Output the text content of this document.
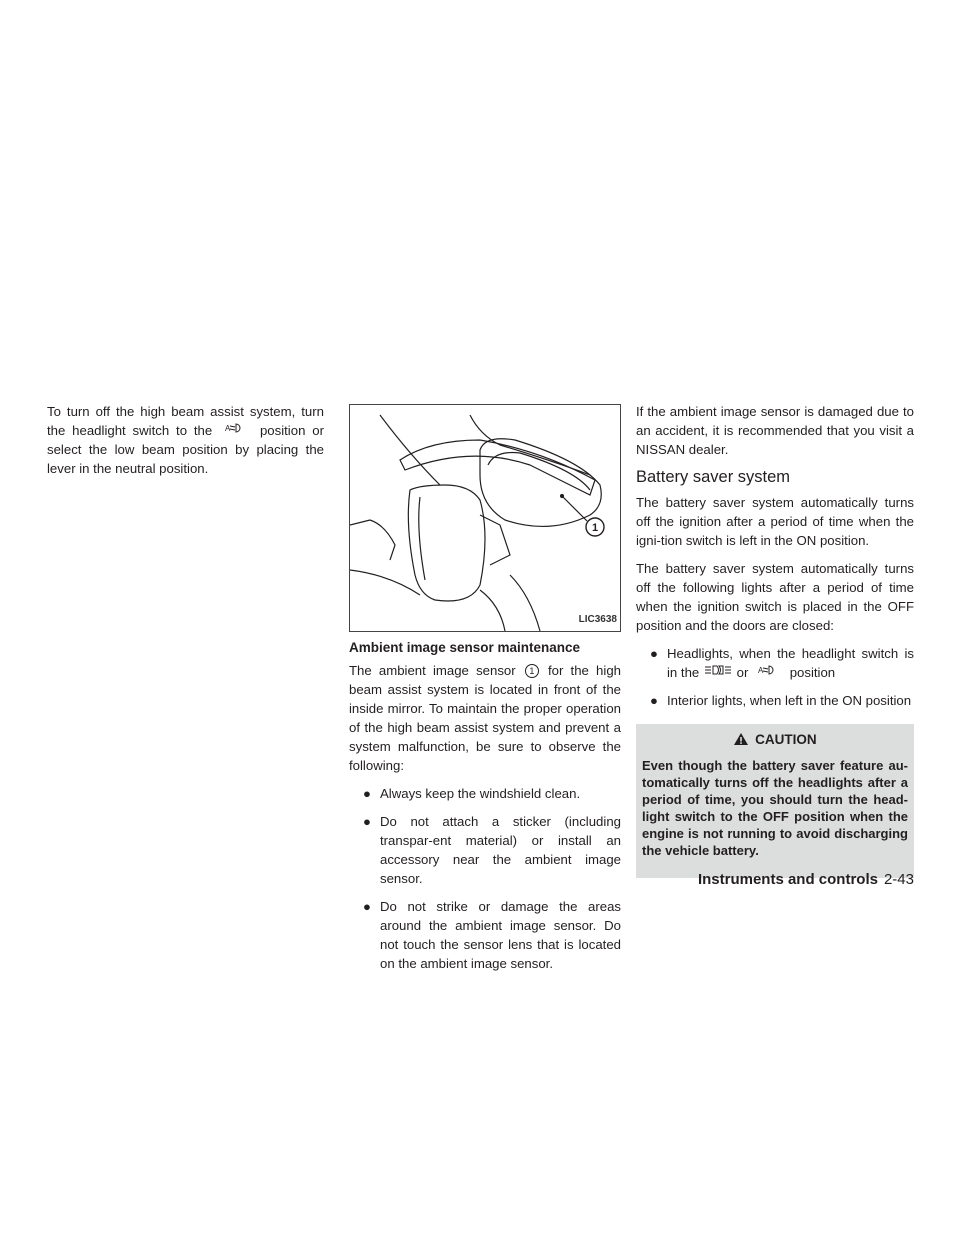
To turn off the high beam assist system, turn the headlight switch to the A position or select the low beam position by placing the lever in the neutral position.

1
LIC3638
Ambient image sensor maintenance

The ambient image sensor 1 for the high beam assist system is located in front of the inside mirror. To maintain the proper operation of the high beam assist system and prevent a system malfunction, be sure to observe the following:

● Always keep the windshield clean.
● Do not attach a sticker (including transpar-ent material) or install an accessory near the ambient image sensor.
● Do not strike or damage the areas around the ambient image sensor. Do not touch the sensor lens that is located on the ambient image sensor.

If the ambient image sensor is damaged due to an accident, it is recommended that you visit a NISSAN dealer.

Battery saver system

The battery saver system automatically turns off the ignition after a period of time when the igni-tion switch is left in the ON position.

The battery saver system automatically turns off the following lights after a period of time when the ignition switch is placed in the OFF position and the doors are closed:

● Headlights, when the headlight switch is in the	or A position
● Interior lights, when left in the ON position
CAUTION

Even though the battery saver feature au-tomatically turns off the headlights after a period of time, you should turn the head-light switch to the OFF position when the engine is not running to avoid discharging the vehicle battery.

Instruments and controls 2-43
